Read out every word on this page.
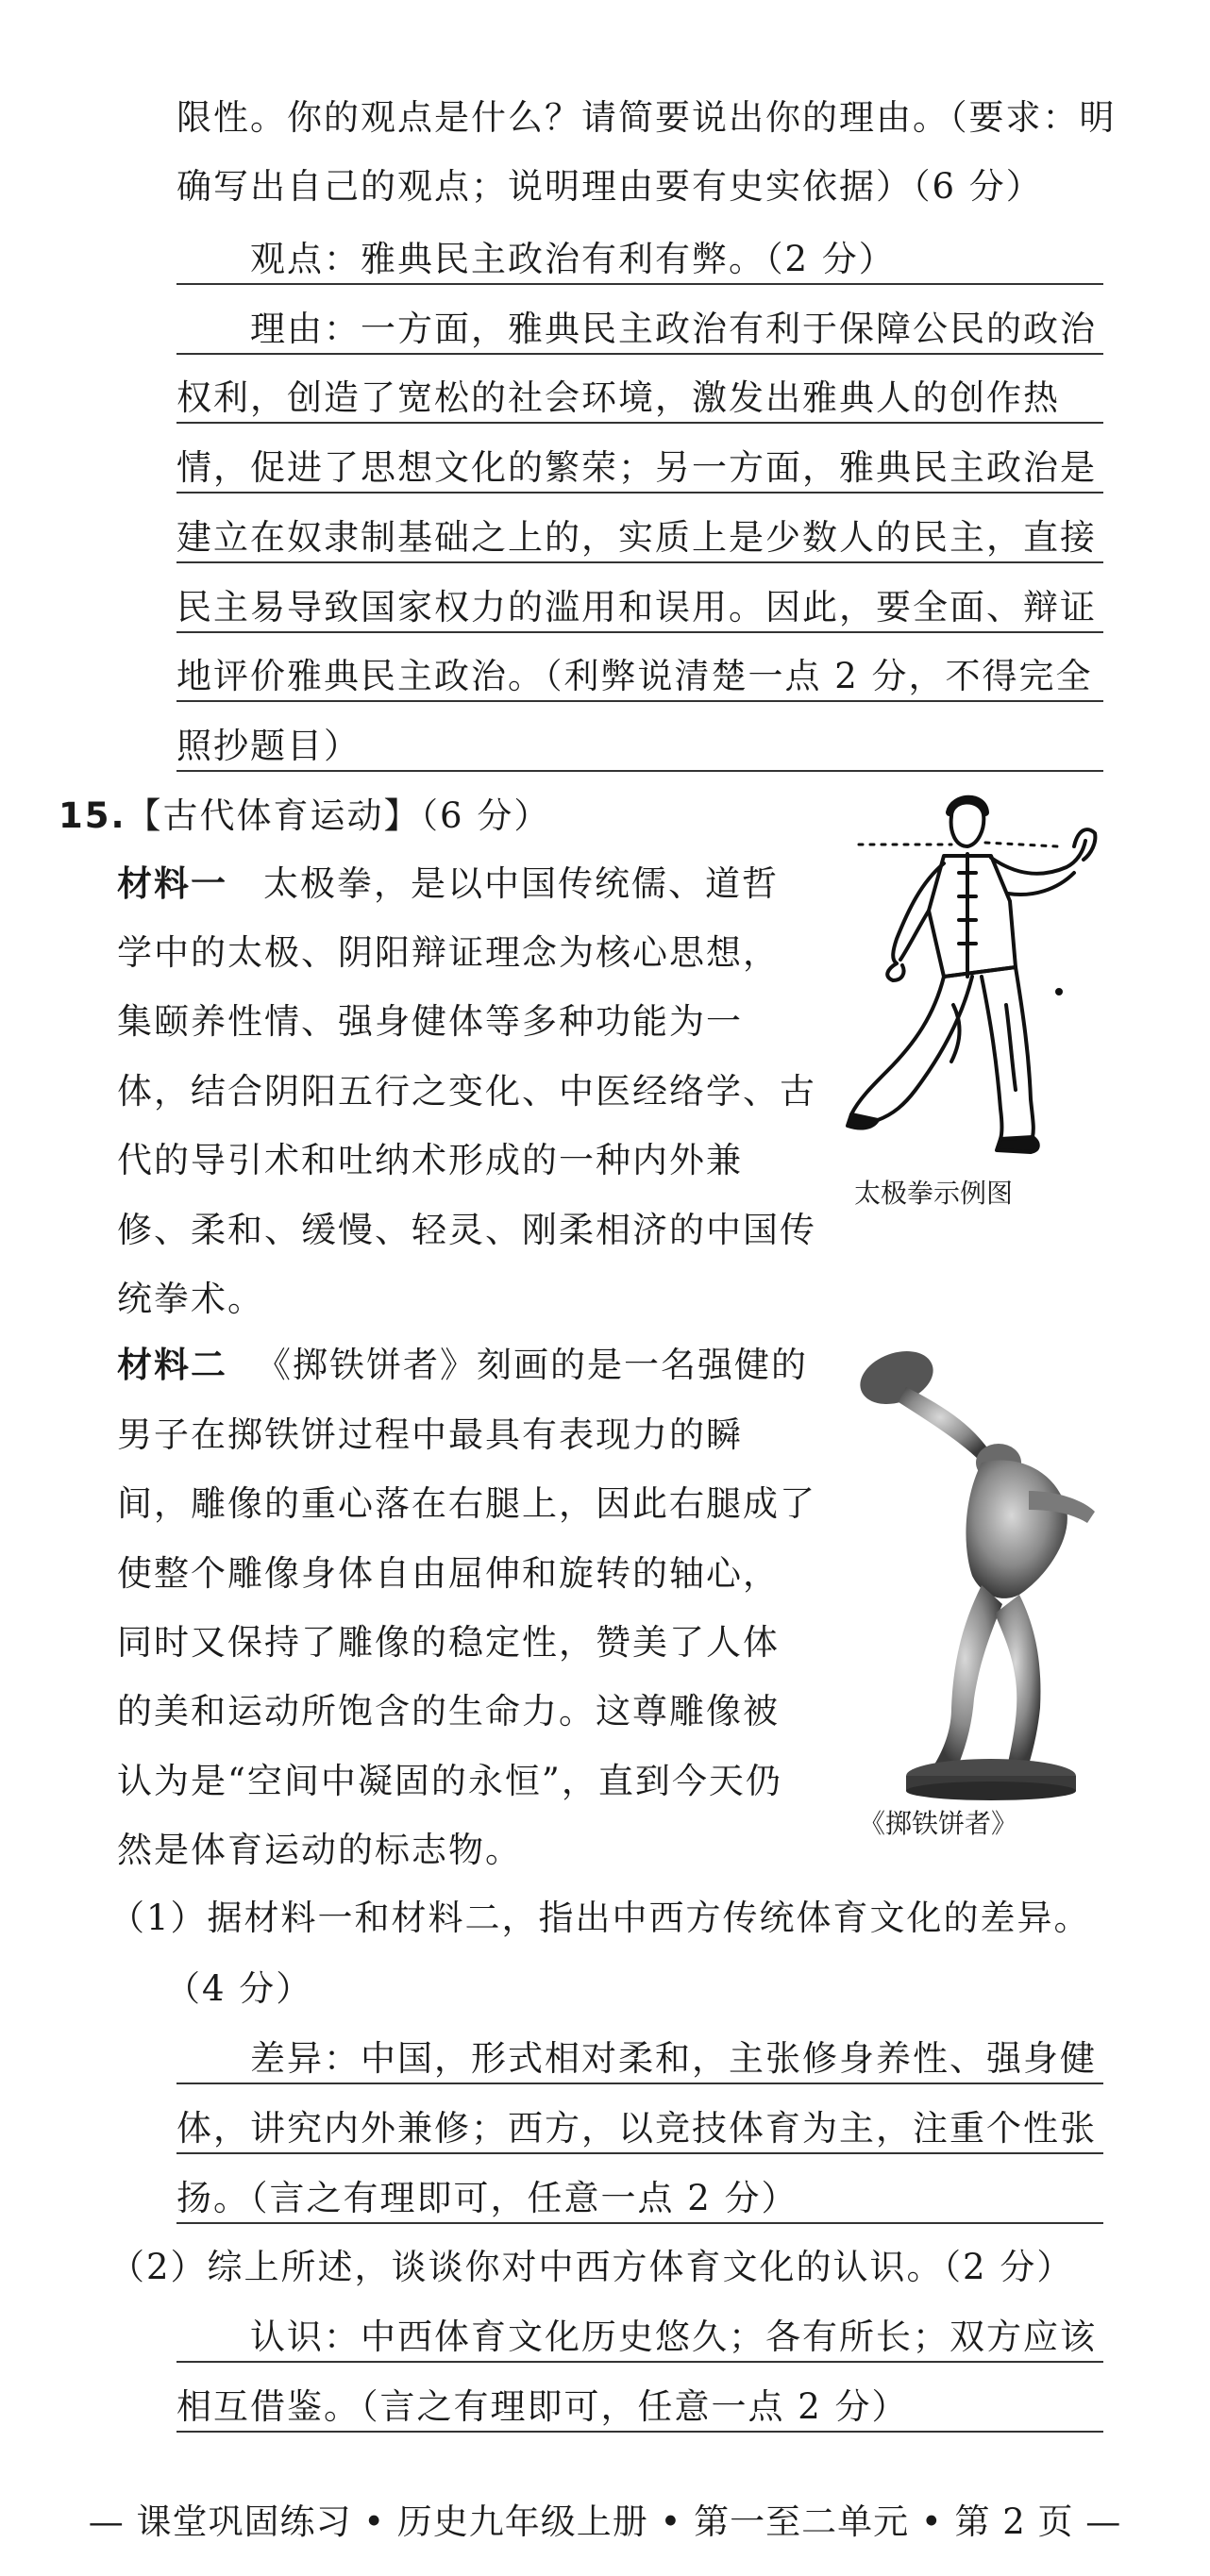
限性。你的观点是什么？请简要说出你的理由。（要求：明
确写出自己的观点；说明理由要有史实依据）（6 分）
观点：雅典民主政治有利有弊。（2 分）
理由：一方面，雅典民主政治有利于保障公民的政治
权利，创造了宽松的社会环境，激发出雅典人的创作热
情，促进了思想文化的繁荣；另一方面，雅典民主政治是
建立在奴隶制基础之上的，实质上是少数人的民主，直接
民主易导致国家权力的滥用和误用。因此，要全面、辩证
地评价雅典民主政治。（利弊说清楚一点 2 分，不得完全
照抄题目）
15.【古代体育运动】（6 分）
材料一 太极拳，是以中国传统儒、道哲
学中的太极、阴阳辩证理念为核心思想，
集颐养性情、强身健体等多种功能为一
体，结合阴阳五行之变化、中医经络学、古
代的导引术和吐纳术形成的一种内外兼
修、柔和、缓慢、轻灵、刚柔相济的中国传
统拳术。
太极拳示例图
材料二 《掷铁饼者》刻画的是一名强健的
男子在掷铁饼过程中最具有表现力的瞬
间，雕像的重心落在右腿上，因此右腿成了
使整个雕像身体自由屈伸和旋转的轴心，
同时又保持了雕像的稳定性，赞美了人体
的美和运动所饱含的生命力。这尊雕像被
认为是“空间中凝固的永恒”，直到今天仍
然是体育运动的标志物。
《掷铁饼者》
（1）据材料一和材料二，指出中西方传统体育文化的差异。
（4 分）
差异：中国，形式相对柔和，主张修身养性、强身健
体，讲究内外兼修；西方，以竞技体育为主，注重个性张
扬。（言之有理即可，任意一点 2 分）
（2）综上所述，谈谈你对中西方体育文化的认识。（2 分）
认识：中西体育文化历史悠久；各有所长；双方应该
相互借鉴。（言之有理即可，任意一点 2 分）
— 课堂巩固练习 • 历史九年级上册 • 第一至二单元 • 第 2 页 —
